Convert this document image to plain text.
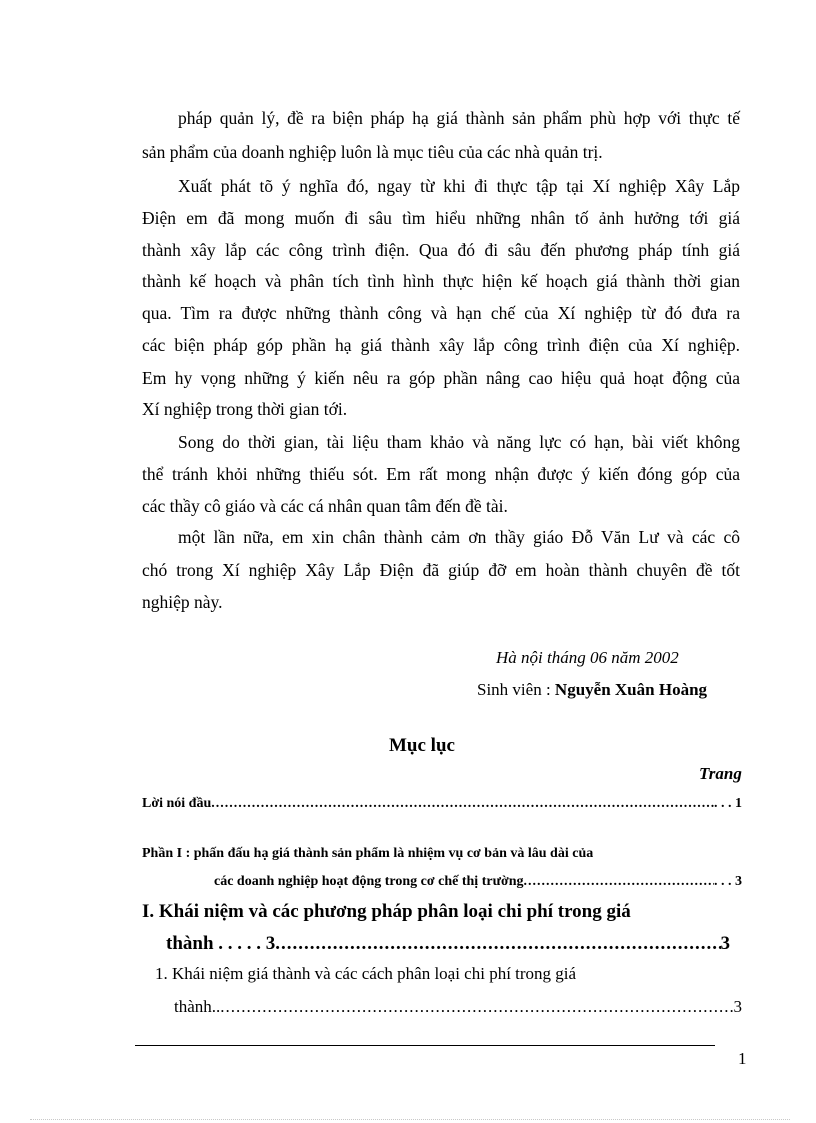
pháp quản lý, đề ra biện pháp hạ giá thành sản phẩm phù hợp với thực tế
sản phẩm của doanh nghiệp luôn là mục tiêu của các nhà quản trị.
Xuất phát tõ ý nghĩa đó, ngay từ khi đi thực tập tại Xí nghiệp Xây Lắp
Điện em đã mong muốn đi sâu tìm hiểu những nhân tố ảnh hưởng tới giá
thành xây lắp các công trình điện. Qua đó đi sâu đến phương pháp tính giá
thành kế hoạch và phân tích tình hình thực hiện kế hoạch giá thành thời gian
qua. Tìm ra được những thành công và hạn chế của Xí nghiệp từ đó đưa ra
các biện pháp góp phần hạ giá thành xây lắp công trình điện của Xí nghiệp.
Em hy vọng những ý kiến nêu ra góp phần nâng cao hiệu quả hoạt động của
Xí nghiệp trong thời gian tới.
Song do thời gian, tài liệu tham khảo và năng lực có hạn, bài viết không
thể tránh khỏi những thiếu sót. Em rất mong nhận được ý kiến đóng góp của
các thầy cô giáo và các cá nhân quan tâm đến đề tài.
một lần nữa, em xin chân thành cảm ơn thầy giáo Đỗ Văn Lư và các cô
chó trong Xí nghiệp Xây Lắp Điện đã giúp đỡ em hoàn thành chuyên đề tốt
nghiệp này.
Hà nội tháng 06 năm 2002
Sinh viên : Nguyễn Xuân Hoàng
Mục lục
Trang
Lời nói đầu .....	. . . 1
Phần I : phấn đấu hạ giá thành sản phẩm là nhiệm vụ cơ bản và lâu dài của
các doanh nghiệp hoạt động trong cơ chế thị trường .....	. . . 3
I. Khái niệm và các phương pháp phân loại chi phí trong giá
thành . . . . . 3 .....	3
1. Khái niệm giá thành và các cách phân loại chi phí trong giá
thành.. .....	3
1
